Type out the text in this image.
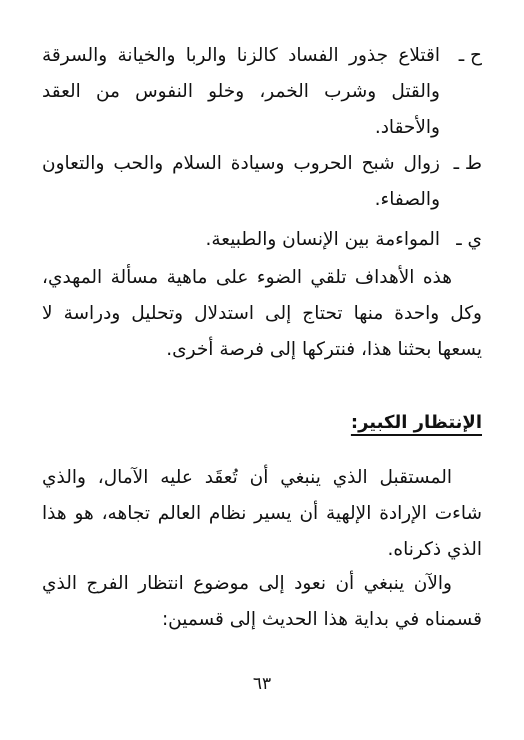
ح ـ
اقتلاع جذور الفساد كالزنا والربا والخيانة والسرقة والقتل وشرب الخمر، وخلو النفوس من العقد والأحقاد.
ط ـ
زوال شبح الحروب وسيادة السلام والحب والتعاون والصفاء.
ي ـ
المواءمة بين الإنسان والطبيعة.
هذه الأهداف تلقي الضوء على ماهية مسألة المهدي، وكل واحدة منها تحتاج إلى استدلال وتحليل ودراسة لا يسعها بحثنا هذا، فنتركها إلى فرصة أخرى.
الإنتظار الكبير:
المستقبل الذي ينبغي أن تُعقَد عليه الآمال، والذي شاءت الإرادة الإلهية أن يسير نظام العالم تجاهه، هو هذا الذي ذكرناه.
والآن ينبغي أن نعود إلى موضوع انتظار الفرج الذي قسمناه في بداية هذا الحديث إلى قسمين:
٦٣
